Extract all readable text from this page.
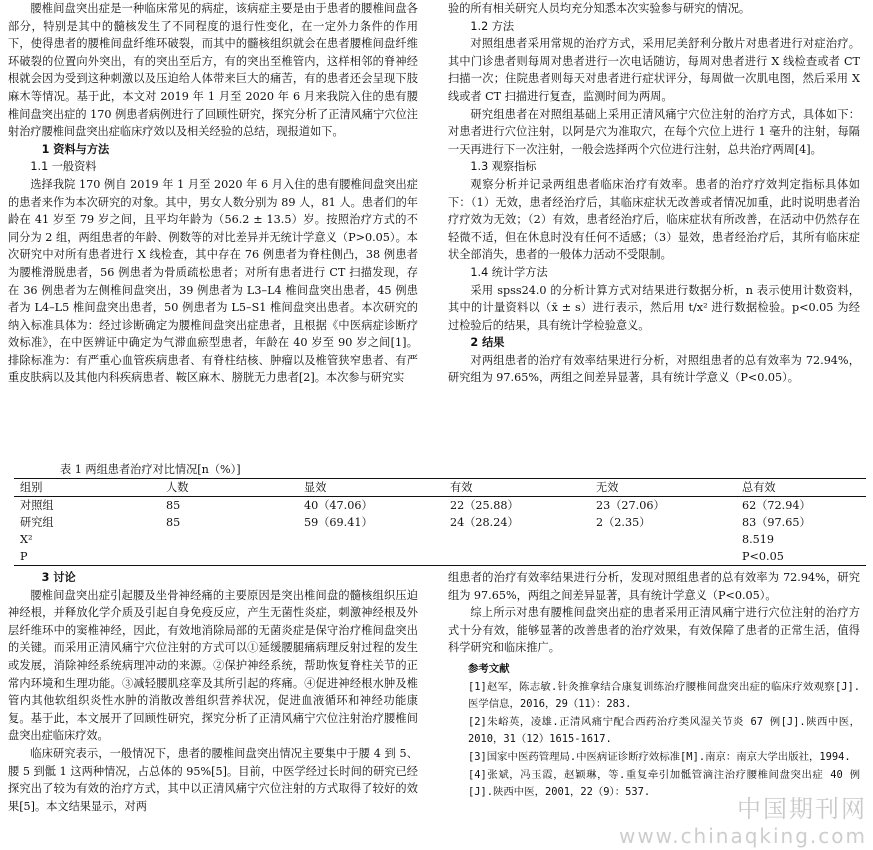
腰椎间盘突出症是一种临床常见的病症，该病症主要是由于患者的腰椎间盘各部分，特别是其中的髓核发生了不同程度的退行性变化，在一定外力条件的作用下，使得患者的腰椎间盘纤维环破裂，而其中的髓核组织就会在患者腰椎间盘纤维环破裂的位置向外突出，有的突出至后方，有的突出至椎管内，这样相邻的脊神经根就会因为受到这种刺激以及压迫给人体带来巨大的痛苦，有的患者还会呈现下肢麻木等情况。基于此，本文对 2019 年 1 月至 2020 年 6 月来我院入住的患有腰椎间盘突出症的 170 例患者病例进行了回顾性研究，探究分析了正清风痛宁穴位注射治疗腰椎间盘突出症临床疗效以及相关经验的总结，现报道如下。

1 资料与方法

1.1 一般资料

选择我院 170 例自 2019 年 1 月至 2020 年 6 月入住的患有腰椎间盘突出症的患者来作为本次研究的对象。其中，男女人数分别为 89 人，81 人。患者们的年龄在 41 岁至 79 岁之间，且平均年龄为（56.2 ± 13.5）岁。按照治疗方式的不同分为 2 组，两组患者的年龄、例数等的对比差异并无统计学意义（P>0.05）。本次研究中对所有患者进行 X 线检查，其中存在 76 例患者为脊柱侧凸，38 例患者为腰椎滑脱患者，56 例患者为骨质疏松患者；对所有患者进行 CT 扫描发现，存在 36 例患者为左侧椎间盘突出，39 例患者为 L3–L4 椎间盘突出患者，45 例患者为 L4–L5 椎间盘突出患者，50 例患者为 L5–S1 椎间盘突出患者。本次研究的纳入标准具体为：经过诊断确定为腰椎间盘突出症患者，且根据《中医病症诊断疗效标准》，在中医辨证中确定为气滞血瘀型患者，年龄在 40 岁至 90 岁之间[1]。排除标准为：有严重心血管疾病患者、有脊柱结核、肿瘤以及椎管狭窄患者、有严重皮肤病以及其他内科疾病患者、鞍区麻木、膀胱无力患者[2]。本次参与研究实

验的所有相关研究人员均充分知悉本次实验参与研究的情况。

1.2 方法

对照组患者采用常规的治疗方式，采用尼美舒利分散片对患者进行对症治疗。其中门诊患者则每周对患者进行一次电话随访，每周对患者进行 X 线检查或者 CT 扫描一次；住院患者则每天对患者进行症状评分，每周做一次肌电图，然后采用 X 线或者 CT 扫描进行复查，监测时间为两周。

研究组患者在对照组基础上采用正清风痛宁穴位注射的治疗方式，具体如下：对患者进行穴位注射，以阿是穴为准取穴，在每个穴位上进行 1 毫升的注射，每隔一天再进行下一次注射，一般会选择两个穴位进行注射，总共治疗两周[4]。

1.3 观察指标

观察分析并记录两组患者临床治疗有效率。患者的治疗疗效判定指标具体如下：（1）无效，患者经治疗后，其临床症状无改善或者情况加重，此时说明患者治疗疗效为无效；（2）有效，患者经治疗后，临床症状有所改善，在活动中仍然存在轻微不适，但在休息时没有任何不适感；（3）显效，患者经治疗后，其所有临床症状全部消失，患者的一般体力活动不受限制。

1.4 统计学方法

采用 spss24.0 的分析计算方式对结果进行数据分析，n 表示使用计数资料，其中的计量资料以（x̄ ± s）进行表示，然后用 t/x² 进行数据检验。p<0.05 为经过检验后的结果，具有统计学检验意义。

2 结果

对两组患者的治疗有效率结果进行分析，对照组患者的总有效率为 72.94%，研究组为 97.65%，两组之间差异显著，具有统计学意义（P<0.05）。

表 1 两组患者治疗对比情况[n（%）]
组别	人数	显效	有效	无效	总有效
对照组	85	40（47.06）	22（25.88）	23（27.06）	62（72.94）
研究组	85	59（69.41）	24（28.24）	2（2.35）	83（97.65）
X²					8.519
P					P<0.05

3 讨论

腰椎间盘突出症引起腰及坐骨神经痛的主要原因是突出椎间盘的髓核组织压迫神经根，并释放化学介质及引起自身免疫反应，产生无菌性炎症，刺激神经根及外层纤维环中的窦椎神经，因此，有效地消除局部的无菌炎症是保守治疗椎间盘突出的关键。而采用正清风痛宁穴位注射的方式可以①延缓腰腿痛病理反射过程的发生或发展，消除神经系统病理冲动的来源。②保护神经系统，帮助恢复脊柱关节的正常内环境和生理功能。③减轻腰肌痉挛及其所引起的疼痛。④促进神经根水肿及椎管内其他软组织炎性水肿的消散改善组织营养状况，促进血液循环和神经功能康复。基于此，本文展开了回顾性研究，探究分析了正清风痛宁穴位注射治疗腰椎间盘突出症临床疗效。

临床研究表示，一般情况下，患者的腰椎间盘突出情况主要集中于腰 4 到 5、腰 5 到骶 1 这两种情况，占总体的 95%[5]。目前，中医学经过长时间的研究已经探究出了较为有效的治疗方式，其中以正清风痛宁穴位注射的方式取得了较好的效果[5]。本文结果显示，对两

组患者的治疗有效率结果进行分析，发现对照组患者的总有效率为 72.94%，研究组为 97.65%，两组之间差异显著，具有统计学意义（P<0.05）。

综上所示对患有腰椎间盘突出症的患者采用正清风痛宁进行穴位注射的治疗方式十分有效，能够显著的改善患者的治疗效果，有效保障了患者的正常生活，值得科学研究和临床推广。

参考文献

[1]赵军，陈志敏.针灸推拿结合康复训练治疗腰椎间盘突出症的临床疗效观察[J].医学信息，2016，29（11）：283.

[2]朱峪英，凌雄.正清风痛宁配合西药治疗类风湿关节炎 67 例[J].陕西中医，2010，31（12）1615-1617.

[3]国家中医药管理局.中医病证诊断疗效标准[M].南京：南京大学出版社，1994.

[4]张斌，冯玉霞，赵颖琳，等.重复牵引加骶管滴注治疗腰椎间盘突出症 40 例[J].陕西中医，2001，22（9）：537.

中国期刊网
www.chinaqking.com
